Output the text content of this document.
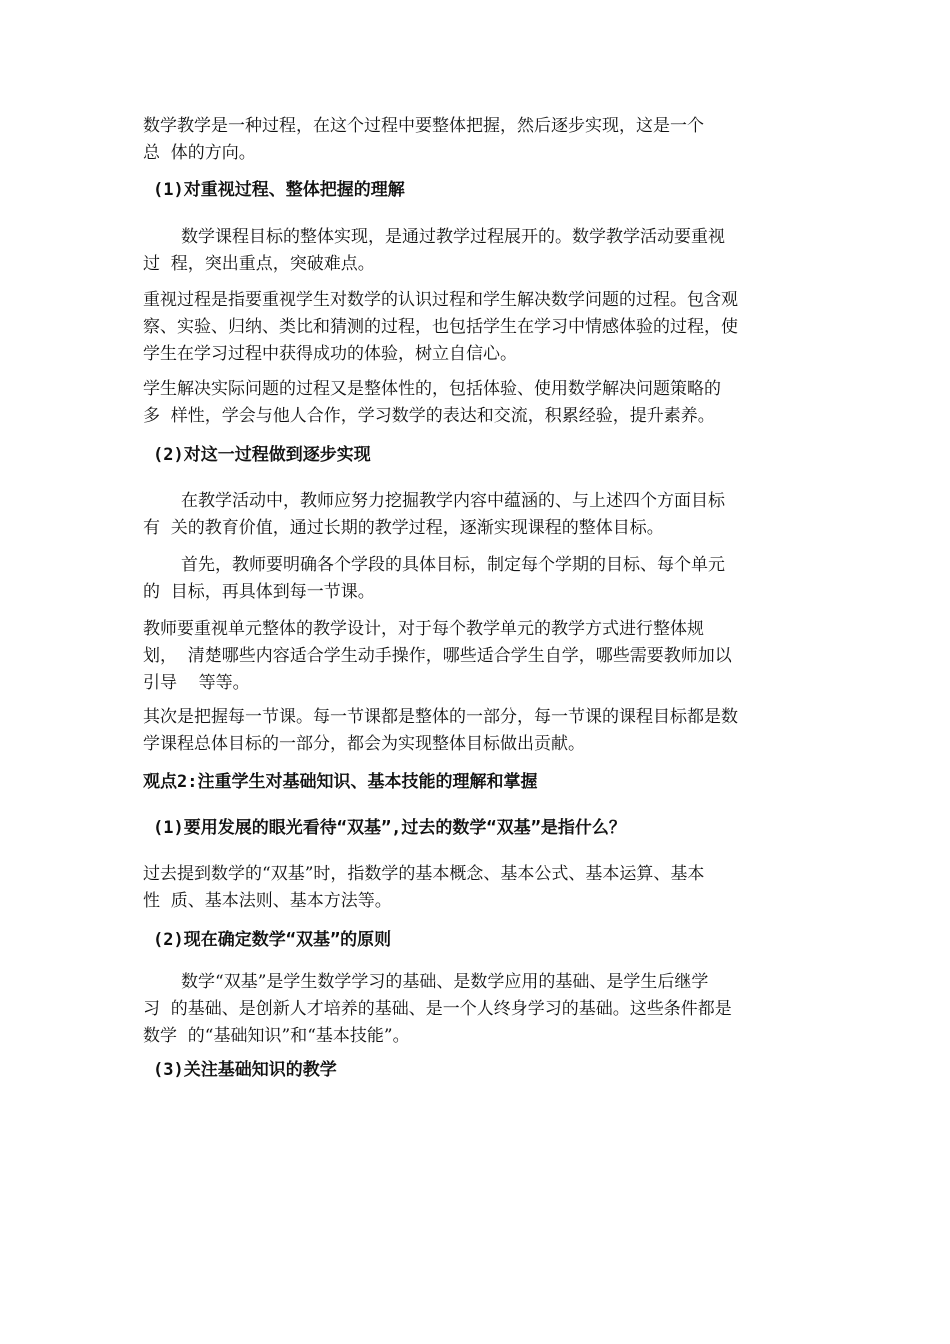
数学教学是一种过程，在这个过程中要整体把握，然后逐步实现，这是一个
总  体的方向。
(1)对重视过程、整体把握的理解
数学课程目标的整体实现，是通过教学过程展开的。数学教学活动要重视
过  程，突出重点，突破难点。
重视过程是指要重视学生对数学的认识过程和学生解决数学问题的过程。包含观
察、实验、归纳、类比和猜测的过程，也包括学生在学习中情感体验的过程，使
学生在学习过程中获得成功的体验，树立自信心。
学生解决实际问题的过程又是整体性的，包括体验、使用数学解决问题策略的
多  样性，学会与他人合作，学习数学的表达和交流，积累经验，提升素养。
(2)对这一过程做到逐步实现
在教学活动中，教师应努力挖掘教学内容中蕴涵的、与上述四个方面目标
有  关的教育价值，通过长期的教学过程，逐渐实现课程的整体目标。
首先，教师要明确各个学段的具体目标，制定每个学期的目标、每个单元
的  目标，再具体到每一节课。
教师要重视单元整体的教学设计，对于每个教学单元的教学方式进行整体规
划，  清楚哪些内容适合学生动手操作，哪些适合学生自学，哪些需要教师加以
引导    等等。
其次是把握每一节课。每一节课都是整体的一部分，每一节课的课程目标都是数
学课程总体目标的一部分，都会为实现整体目标做出贡献。
观点2:注重学生对基础知识、基本技能的理解和掌握
(1)要用发展的眼光看待“双基”,过去的数学“双基”是指什么？
过去提到数学的“双基”时，指数学的基本概念、基本公式、基本运算、基本
性  质、基本法则、基本方法等。
(2)现在确定数学“双基”的原则
数学“双基”是学生数学学习的基础、是数学应用的基础、是学生后继学
习  的基础、是创新人才培养的基础、是一个人终身学习的基础。这些条件都是
数学  的“基础知识”和“基本技能”。
(3)关注基础知识的教学
